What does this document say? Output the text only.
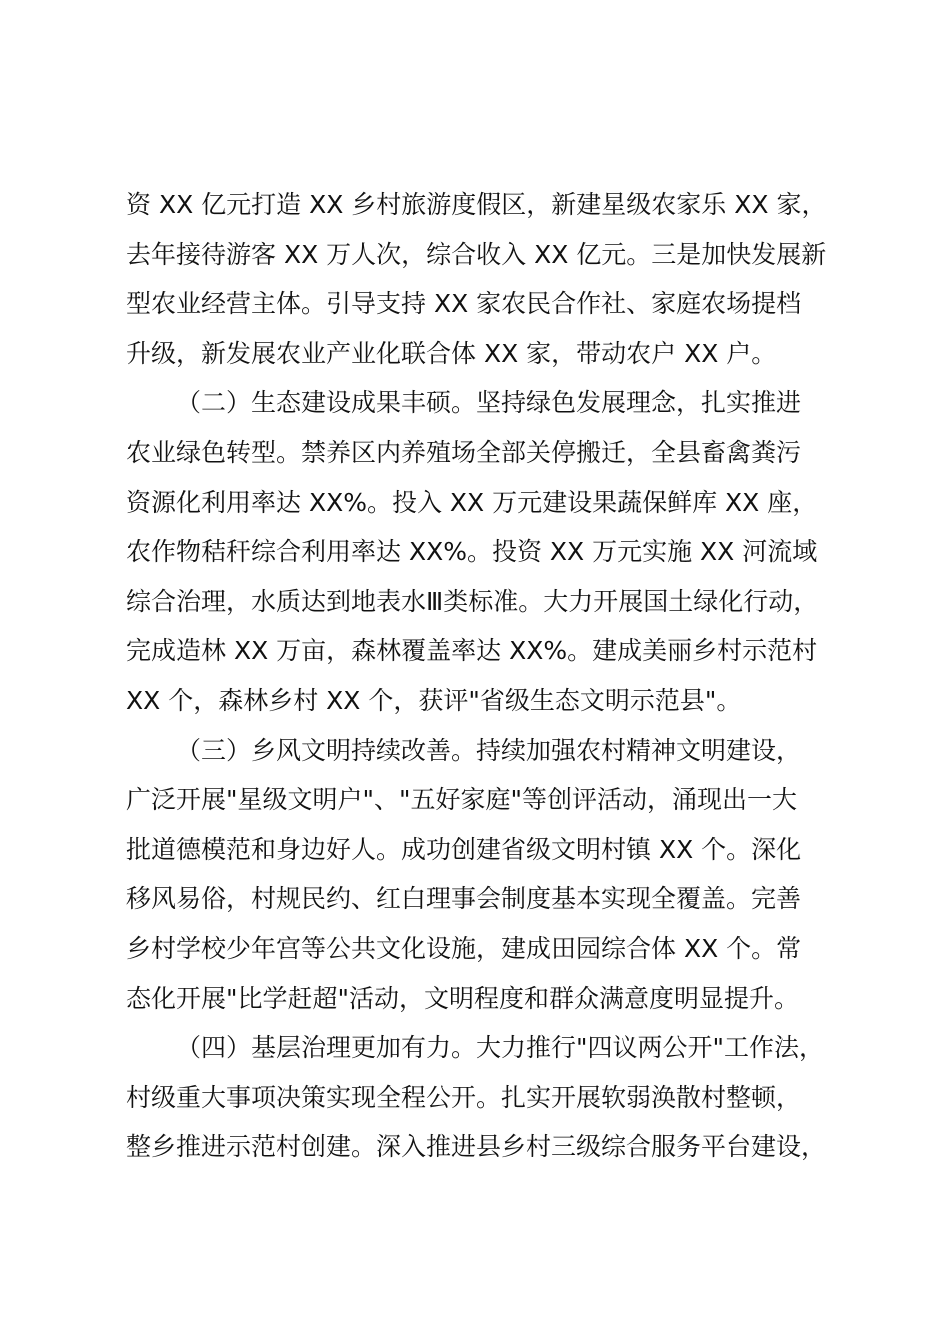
资 XX 亿元打造 XX 乡村旅游度假区，新建星级农家乐 XX 家，
去年接待游客 XX 万人次，综合收入 XX 亿元。三是加快发展新
型农业经营主体。引导支持 XX 家农民合作社、家庭农场提档
升级，新发展农业产业化联合体 XX 家，带动农户 XX 户。
（二）生态建设成果丰硕。坚持绿色发展理念，扎实推进
农业绿色转型。禁养区内养殖场全部关停搬迁，全县畜禽粪污
资源化利用率达 XX%。投入 XX 万元建设果蔬保鲜库 XX 座，
农作物秸秆综合利用率达 XX%。投资 XX 万元实施 XX 河流域
综合治理，水质达到地表水Ⅲ类标准。大力开展国土绿化行动，
完成造林 XX 万亩，森林覆盖率达 XX%。建成美丽乡村示范村
XX 个，森林乡村 XX 个，获评"省级生态文明示范县"。
（三）乡风文明持续改善。持续加强农村精神文明建设，
广泛开展"星级文明户"、"五好家庭"等创评活动，涌现出一大
批道德模范和身边好人。成功创建省级文明村镇 XX 个。深化
移风易俗，村规民约、红白理事会制度基本实现全覆盖。完善
乡村学校少年宫等公共文化设施，建成田园综合体 XX 个。常
态化开展"比学赶超"活动，文明程度和群众满意度明显提升。
（四）基层治理更加有力。大力推行"四议两公开"工作法，
村级重大事项决策实现全程公开。扎实开展软弱涣散村整顿，
整乡推进示范村创建。深入推进县乡村三级综合服务平台建设，
